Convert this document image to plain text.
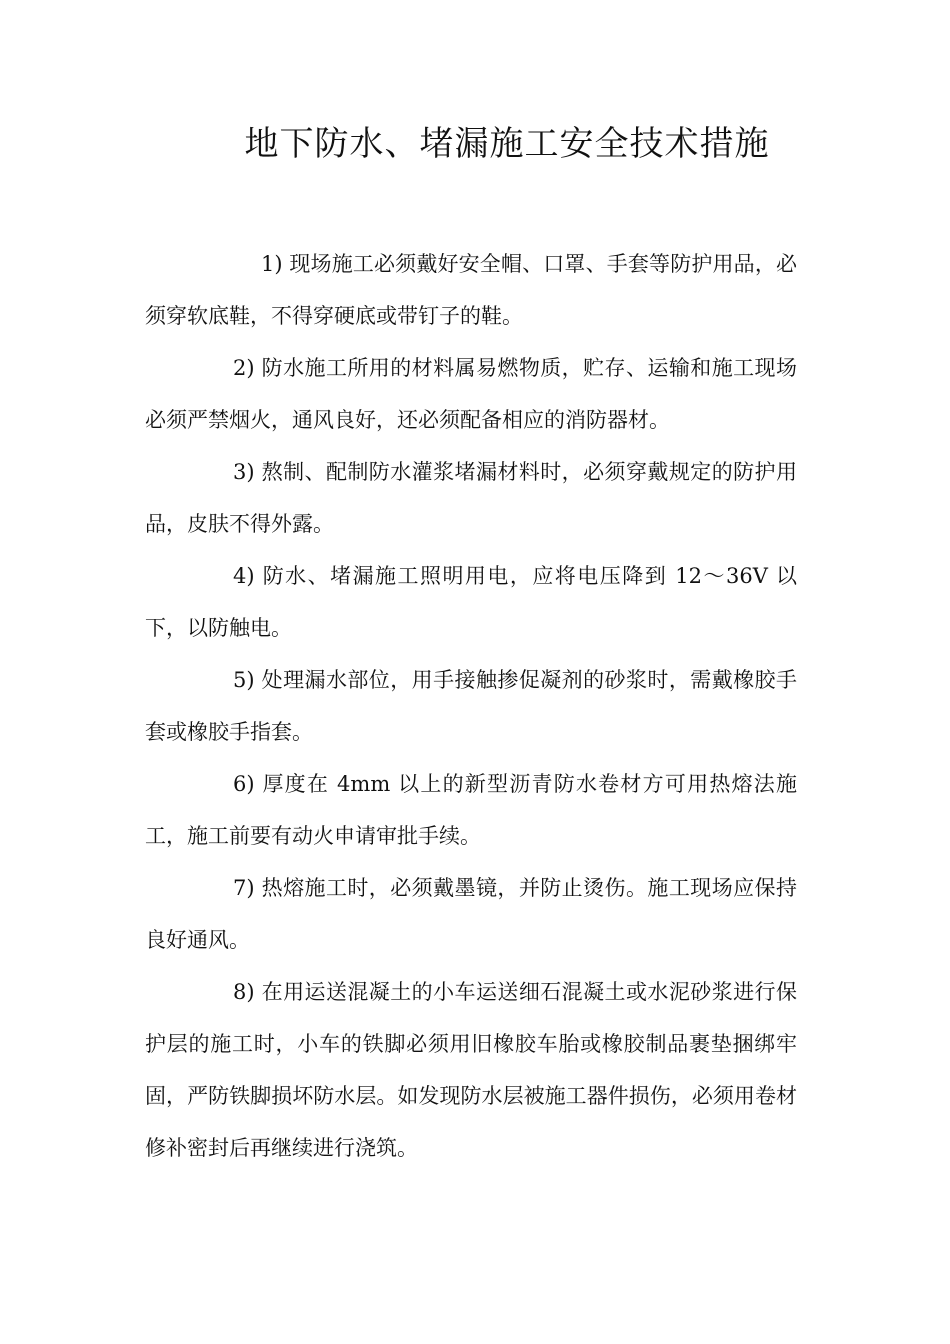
地下防水、堵漏施工安全技术措施

1) 现场施工必须戴好安全帽、口罩、手套等防护用品，必须穿软底鞋，不得穿硬底或带钉子的鞋。

2) 防水施工所用的材料属易燃物质，贮存、运输和施工现场必须严禁烟火，通风良好，还必须配备相应的消防器材。

3) 熬制、配制防水灌浆堵漏材料时，必须穿戴规定的防护用品，皮肤不得外露。

4) 防水、堵漏施工照明用电，应将电压降到 12～36V 以下，以防触电。

5) 处理漏水部位，用手接触掺促凝剂的砂浆时，需戴橡胶手套或橡胶手指套。

6) 厚度在 4mm 以上的新型沥青防水卷材方可用热熔法施工，施工前要有动火申请审批手续。

7) 热熔施工时，必须戴墨镜，并防止烫伤。施工现场应保持良好通风。

8) 在用运送混凝土的小车运送细石混凝土或水泥砂浆进行保护层的施工时，小车的铁脚必须用旧橡胶车胎或橡胶制品裹垫捆绑牢固，严防铁脚损坏防水层。如发现防水层被施工器件损伤，必须用卷材修补密封后再继续进行浇筑。
